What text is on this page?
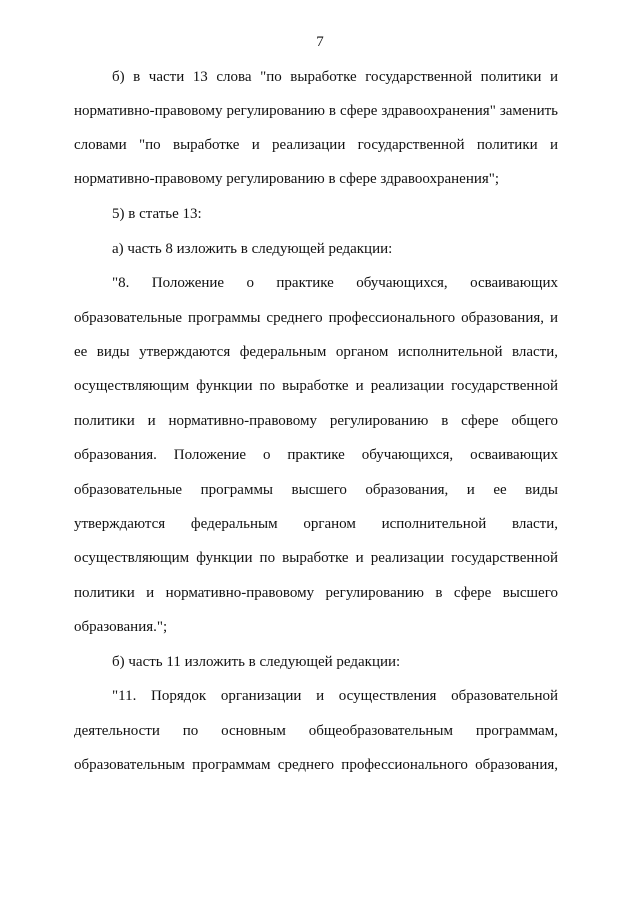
7
б) в части 13 слова "по выработке государственной политики и
нормативно-правовому регулированию в сфере здравоохранения" заменить
словами "по выработке и реализации государственной политики и
нормативно-правовому регулированию в сфере здравоохранения";
5) в статье 13:
а) часть 8 изложить в следующей редакции:
"8. Положение о практике обучающихся, осваивающих
образовательные программы среднего профессионального образования, и
ее виды утверждаются федеральным органом исполнительной власти,
осуществляющим функции по выработке и реализации государственной
политики и нормативно-правовому регулированию в сфере общего
образования. Положение о практике обучающихся, осваивающих
образовательные программы высшего образования, и ее виды
утверждаются федеральным органом исполнительной власти,
осуществляющим функции по выработке и реализации государственной
политики и нормативно-правовому регулированию в сфере высшего
образования.";
б) часть 11 изложить в следующей редакции:
"11. Порядок организации и осуществления образовательной
деятельности по основным общеобразовательным программам,
образовательным программам среднего профессионального образования,
